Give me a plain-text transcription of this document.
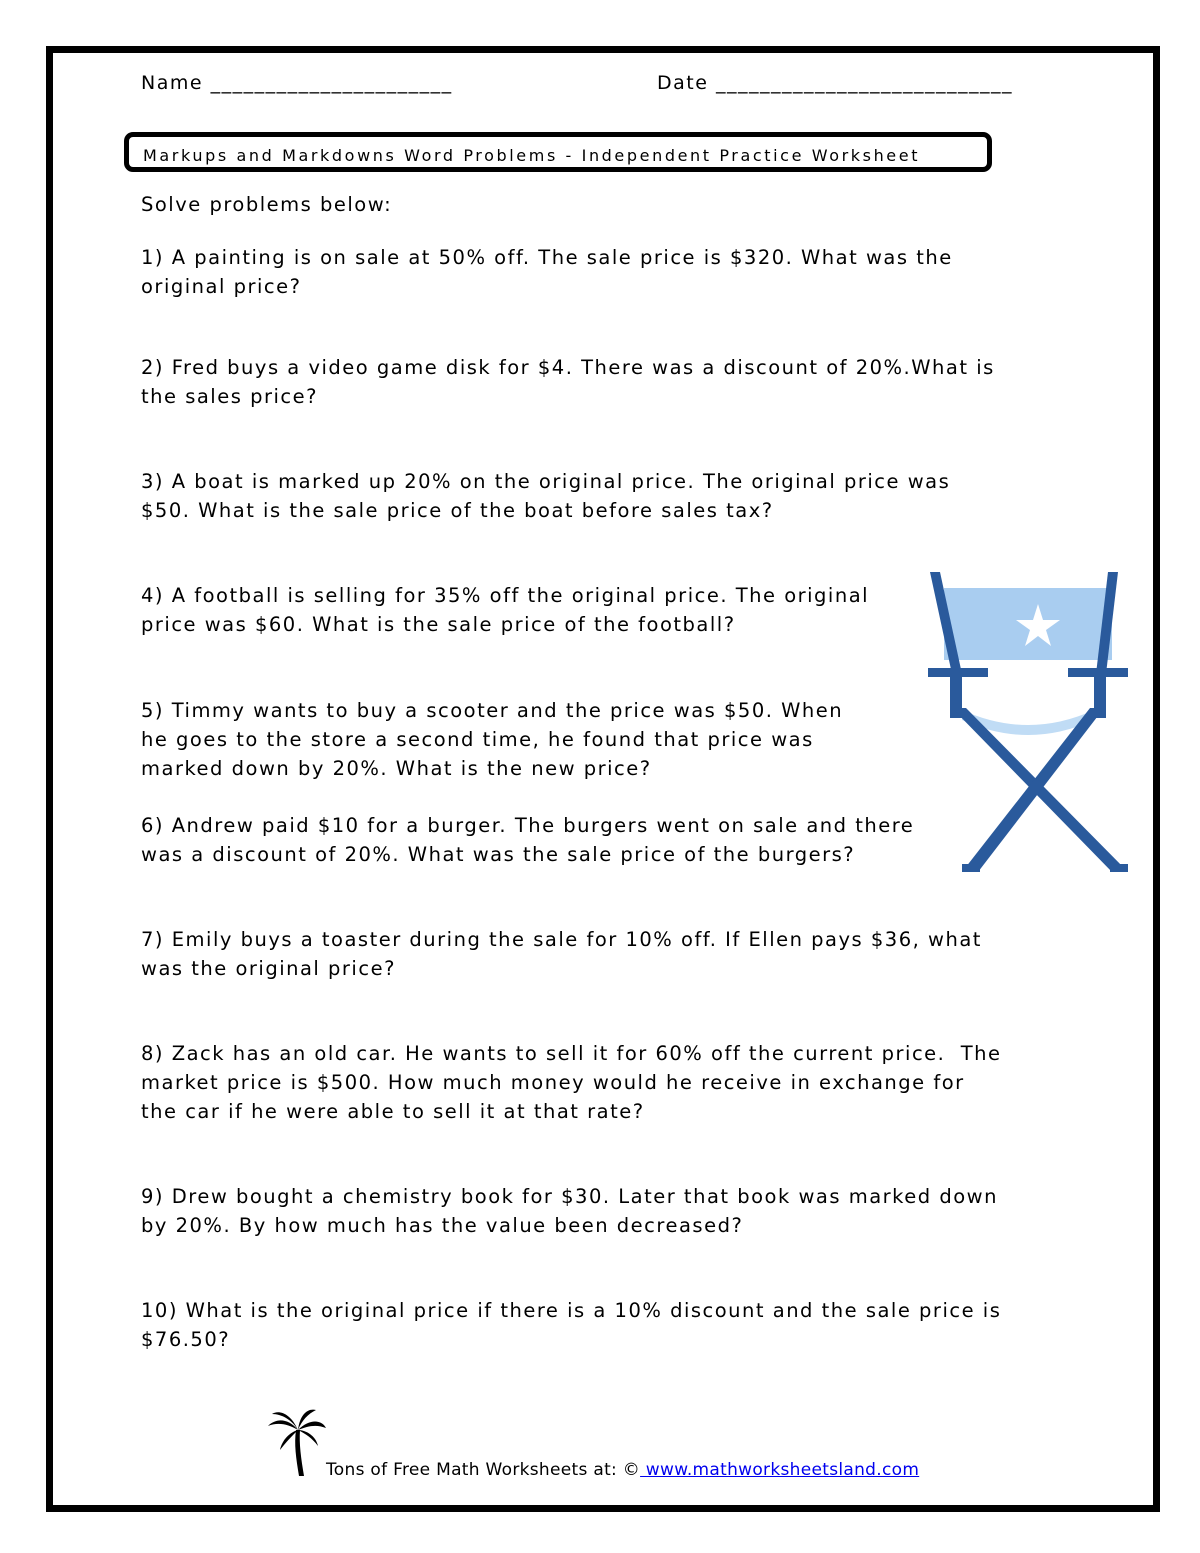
Name ______________________	Date ___________________________
Markups and Markdowns Word Problems - Independent Practice Worksheet
Solve problems below:
1) A painting is on sale at 50% off. The sale price is $320. What was the
original price?
2) Fred buys a video game disk for $4. There was a discount of 20%.What is
the sales price?
3) A boat is marked up 20% on the original price. The original price was
$50. What is the sale price of the boat before sales tax?
4) A football is selling for 35% off the original price. The original
price was $60. What is the sale price of the football?
5) Timmy wants to buy a scooter and the price was $50. When
he goes to the store a second time, he found that price was
marked down by 20%. What is the new price?
6) Andrew paid $10 for a burger. The burgers went on sale and there
was a discount of 20%. What was the sale price of the burgers?
7) Emily buys a toaster during the sale for 10% off. If Ellen pays $36, what
was the original price?
8) Zack has an old car. He wants to sell it for 60% off the current price.  The
market price is $500. How much money would he receive in exchange for
the car if he were able to sell it at that rate?
9) Drew bought a chemistry book for $30. Later that book was marked down
by 20%. By how much has the value been decreased?
10) What is the original price if there is a 10% discount and the sale price is
$76.50?
Tons of Free Math Worksheets at: © www.mathworksheetsland.com
